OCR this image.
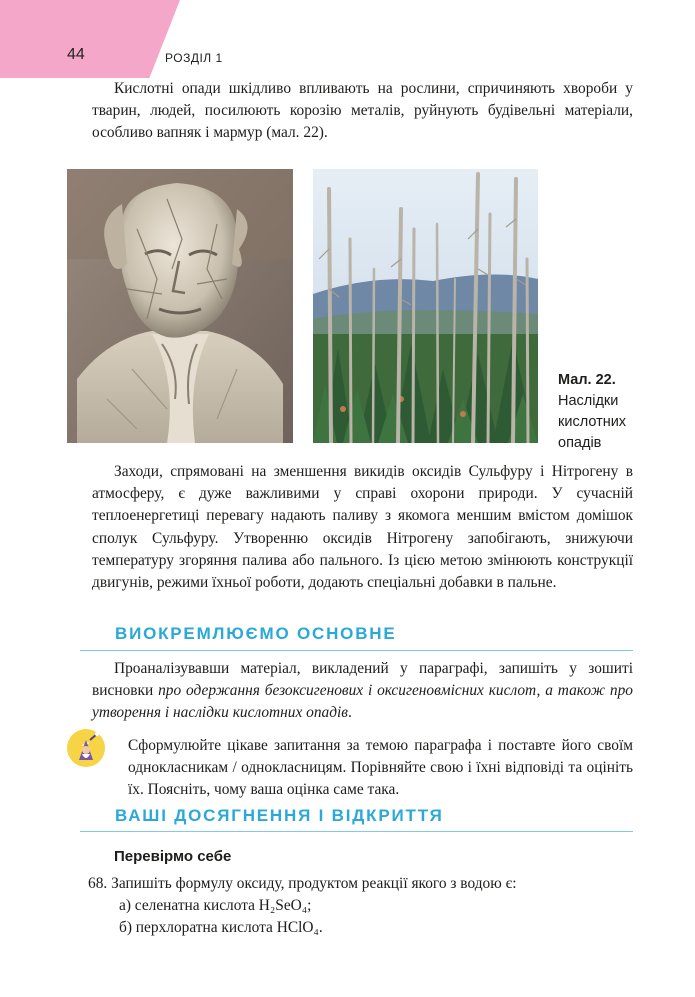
44	РОЗДІЛ 1

Кислотні опади шкідливо впливають на рослини, спричиняють хвороби у тварин, людей, посилюють корозію металів, руйнують будівельні матеріали, особливо вапняк і мармур (мал. 22).

Мал. 22.
Наслідки кислотних опадів

Заходи, спрямовані на зменшення викидів оксидів Сульфуру і Нітрогену в атмосферу, є дуже важливими у справі охорони природи. У сучасній теплоенергетиці перевагу надають паливу з якомога меншим вмістом домішок сполук Сульфуру. Утворенню оксидів Нітрогену запобігають, знижуючи температуру згоряння палива або пального. Із цією метою змінюють конструкції двигунів, режими їхньої роботи, додають спеціальні добавки в пальне.

ВИОКРЕМЛЮЄМО ОСНОВНЕ

Проаналізувавши матеріал, викладений у параграфі, запишіть у зошиті висновки про одержання безоксигенових і оксигеновмісних кислот, а також про утворення і наслідки кислотних опадів.

Сформулюйте цікаве запитання за темою параграфа і поставте його своїм однокласникам / однокласницям. Порівняйте свою і їхні відповіді та оцініть їх. Поясніть, чому ваша оцінка саме така.

ВАШІ ДОСЯГНЕННЯ І ВІДКРИТТЯ
Перевірмо себе
68. Запишіть формулу оксиду, продуктом реакції якого з водою є:
а) селенатна кислота H₂SeO₄;
б) перхлоратна кислота HClO₄.
